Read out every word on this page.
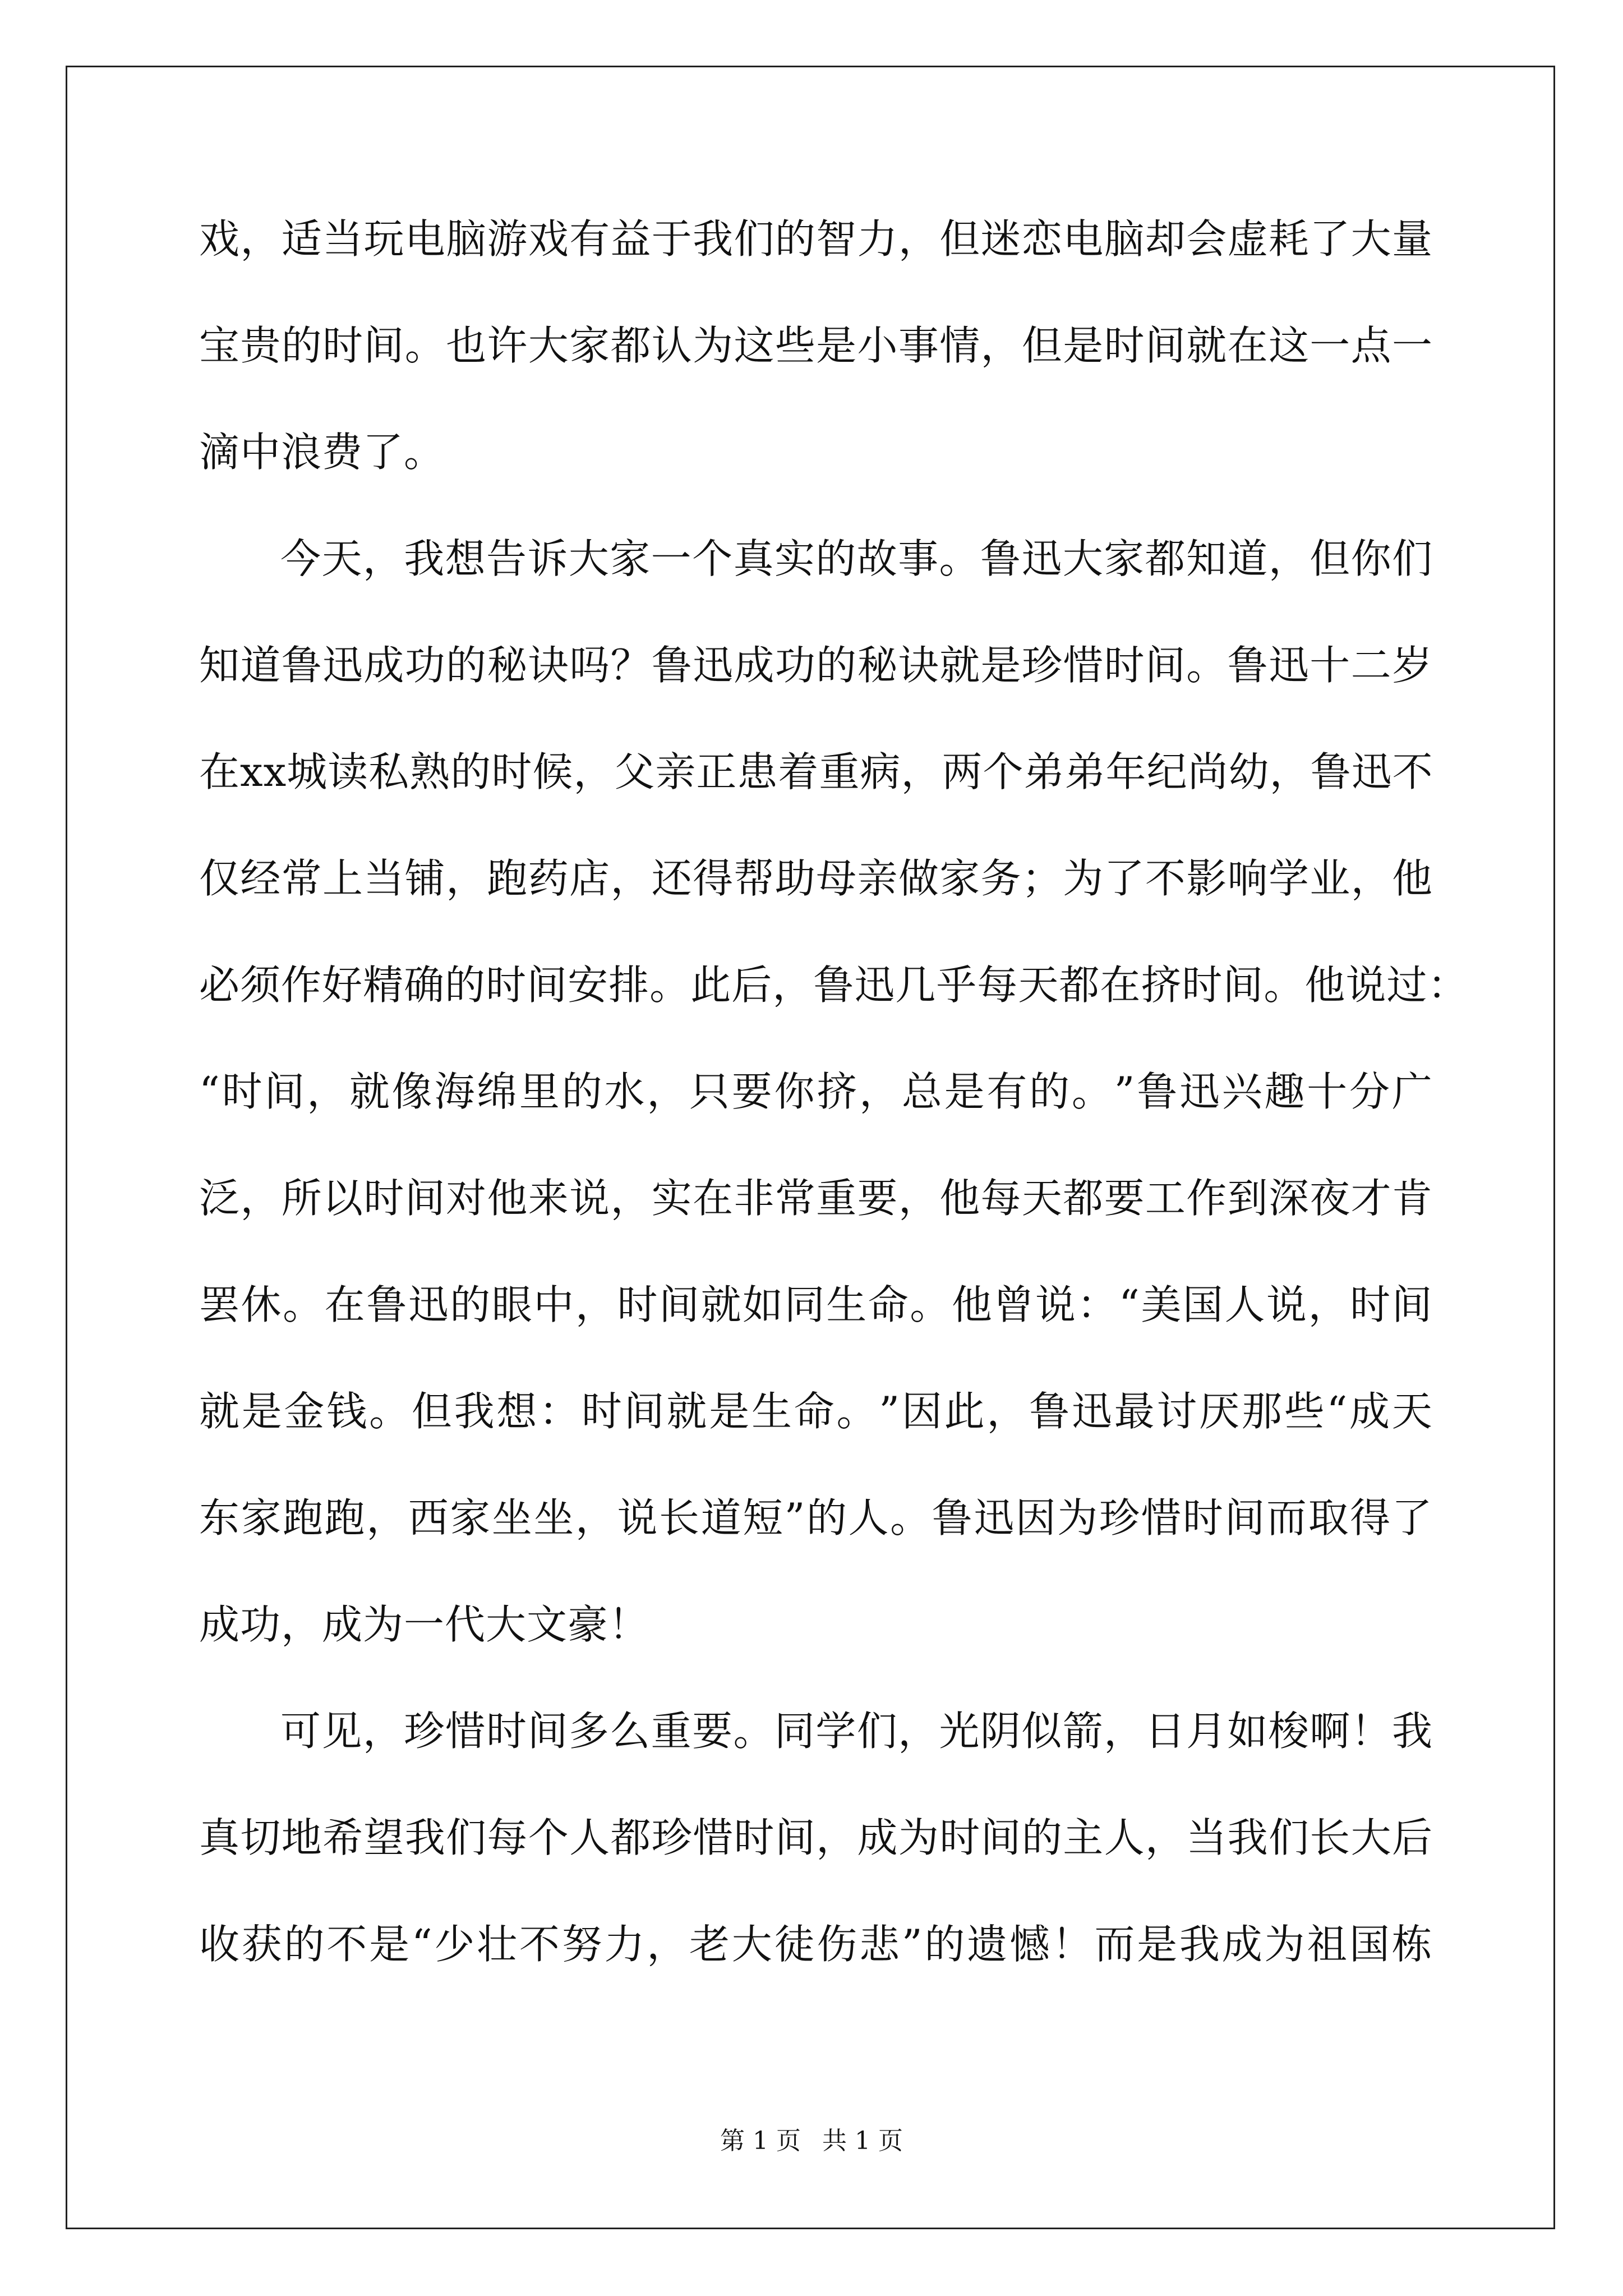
戏 ， 适 当 玩 电 脑 游 戏 有 益 于 我 们 的 智 力 ， 但 迷 恋 电 脑 却 会 虚 耗 了 大 量
宝 贵 的 时 间 。 也 许 大 家 都 认 为 这 些 是 小 事 情 ， 但 是 时 间 就 在 这 一 点 一
滴中浪费了。
今 天 ， 我 想 告 诉 大 家 一 个 真 实 的 故 事 。 鲁 迅 大 家 都 知 道 ， 但 你 们
知 道 鲁 迅 成 功 的 秘 诀 吗 ？ 鲁 迅 成 功 的 秘 诀 就 是 珍 惜 时 间 。 鲁 迅 十 二 岁
在 x x 城 读 私 熟 的 时 候 ， 父 亲 正 患 着 重 病 ， 两 个 弟 弟 年 纪 尚 幼 ， 鲁 迅 不
仅 经 常 上 当 铺 ， 跑 药 店 ， 还 得 帮 助 母 亲 做 家 务 ； 为 了 不 影 响 学 业 ， 他
必 须 作 好 精 确 的 时 间 安 排 。 此 后 ， 鲁 迅 几 乎 每 天 都 在 挤 时 间 。 他 说 过 ：
“ 时 间 ， 就 像 海 绵 里 的 水 ， 只 要 你 挤 ， 总 是 有 的 。 ” 鲁 迅 兴 趣 十 分 广
泛 ， 所 以 时 间 对 他 来 说 ， 实 在 非 常 重 要 ， 他 每 天 都 要 工 作 到 深 夜 才 肯
罢 休 。 在 鲁 迅 的 眼 中 ， 时 间 就 如 同 生 命 。 他 曾 说 ： “ 美 国 人 说 ， 时 间
就 是 金 钱 。 但 我 想 ： 时 间 就 是 生 命 。 ” 因 此 ， 鲁 迅 最 讨 厌 那 些 “ 成 天
东 家 跑 跑 ， 西 家 坐 坐 ， 说 长 道 短 ” 的 人 。 鲁 迅 因 为 珍 惜 时 间 而 取 得 了
成功，成为一代大文豪！
可 见 ， 珍 惜 时 间 多 么 重 要 。 同 学 们 ， 光 阴 似 箭 ， 日 月 如 梭 啊 ！ 我
真 切 地 希 望 我 们 每 个 人 都 珍 惜 时 间 ， 成 为 时 间 的 主 人 ， 当 我 们 长 大 后
收 获 的 不 是 “ 少 壮 不 努 力 ， 老 大 徒 伤 悲 ” 的 遗 憾 ！ 而 是 我 成 为 祖 国 栋
第 1 页 共 1 页
